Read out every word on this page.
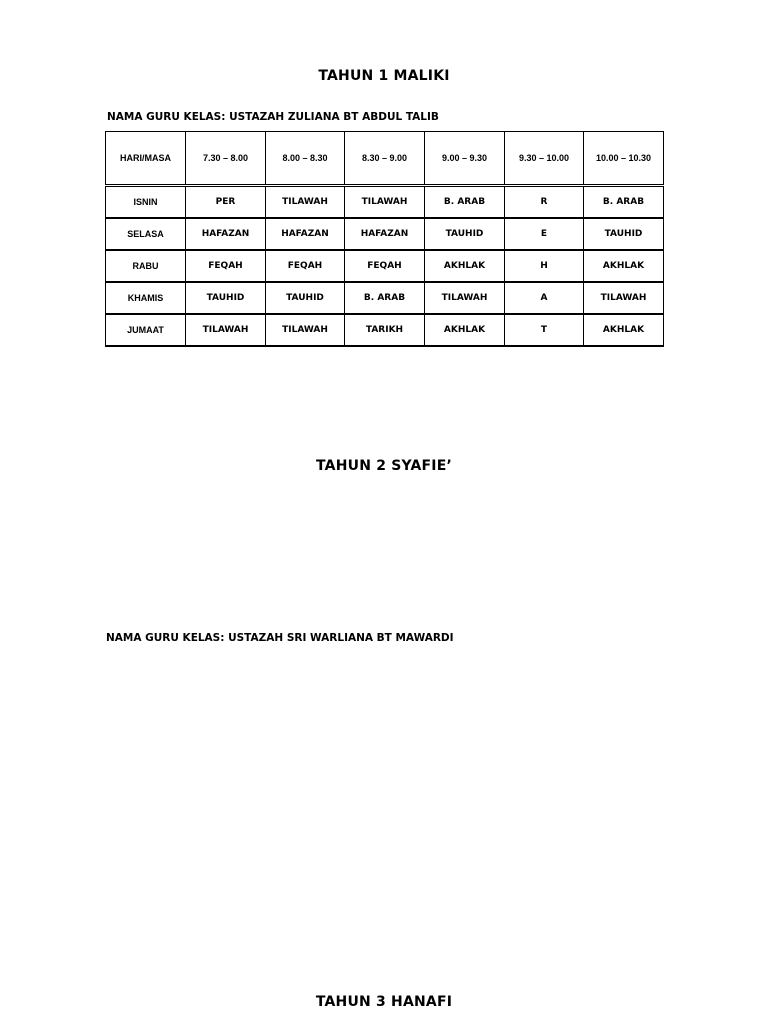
TAHUN 1 MALIKI
NAMA GURU KELAS: USTAZAH ZULIANA BT ABDUL TALIB
HARI/MASA	7.30 – 8.00	8.00 – 8.30	8.30 – 9.00	9.00 – 9.30	9.30 – 10.00	10.00 – 10.30
ISNIN	PER	TILAWAH	TILAWAH	B. ARAB	R	B. ARAB
SELASA	HAFAZAN	HAFAZAN	HAFAZAN	TAUHID	E	TAUHID
RABU	FEQAH	FEQAH	FEQAH	AKHLAK	H	AKHLAK
KHAMIS	TAUHID	TAUHID	B. ARAB	TILAWAH	A	TILAWAH
JUMAAT	TILAWAH	TILAWAH	TARIKH	AKHLAK	T	AKHLAK
TAHUN 2 SYAFIE’
NAMA GURU KELAS: USTAZAH SRI WARLIANA BT MAWARDI
TAHUN 3 HANAFI
